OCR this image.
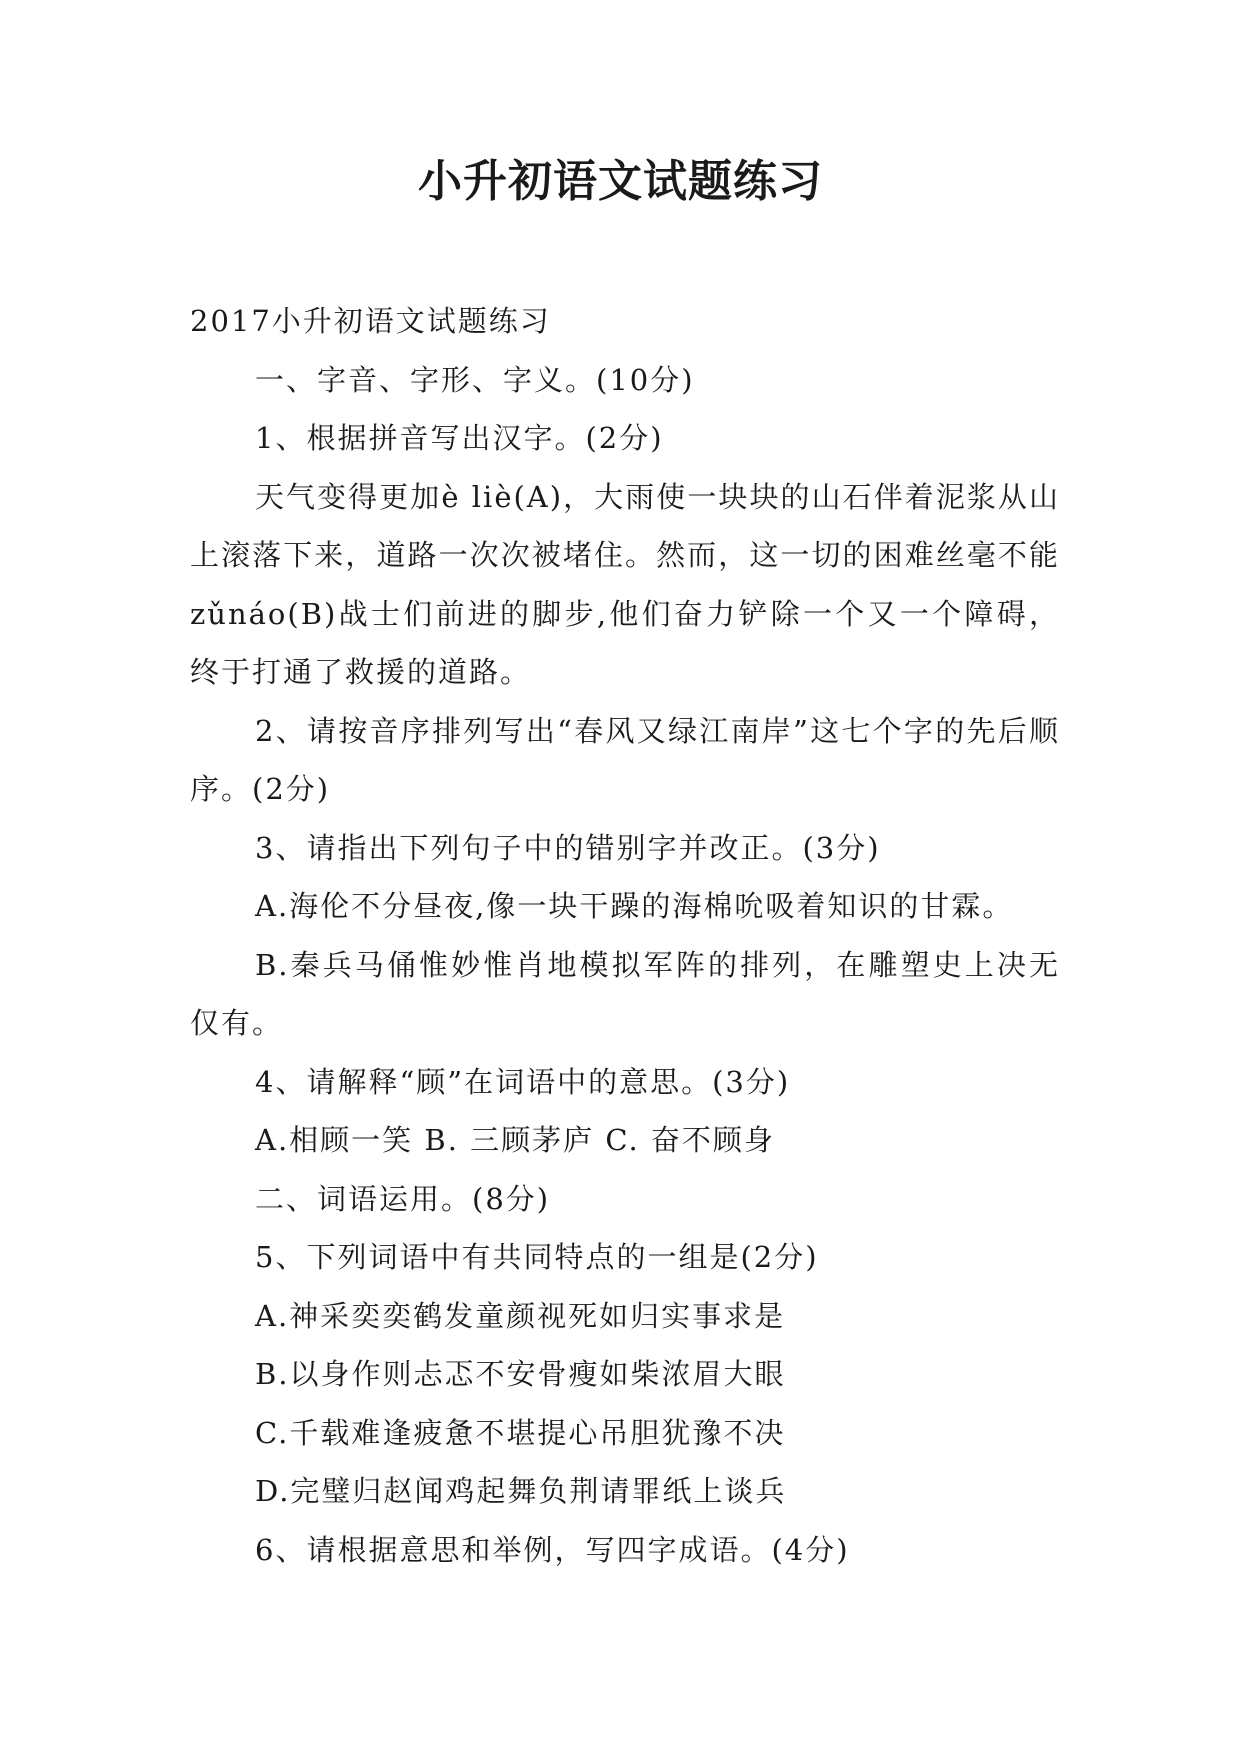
小升初语文试题练习

2017小升初语文试题练习

一、字音、字形、字义。(10分)

1、根据拼音写出汉字。(2分)

天气变得更加è liè(A)，大雨使一块块的山石伴着泥浆从山上滚落下来，道路一次次被堵住。然而，这一切的困难丝毫不能zǔnáo(B)战士们前进的脚步,他们奋力铲除一个又一个障碍，终于打通了救援的道路。

2、请按音序排列写出“春风又绿江南岸”这七个字的先后顺序。(2分)

3、请指出下列句子中的错别字并改正。(3分)

A.海伦不分昼夜,像一块干躁的海棉吮吸着知识的甘霖。

B.秦兵马俑惟妙惟肖地模拟军阵的排列，在雕塑史上决无仅有。

4、请解释“顾”在词语中的意思。(3分)

A.相顾一笑 B. 三顾茅庐 C. 奋不顾身

二、词语运用。(8分)

5、下列词语中有共同特点的一组是(2分)

A.神采奕奕鹤发童颜视死如归实事求是

B.以身作则忐忑不安骨瘦如柴浓眉大眼

C.千载难逢疲惫不堪提心吊胆犹豫不决

D.完璧归赵闻鸡起舞负荆请罪纸上谈兵

6、请根据意思和举例，写四字成语。(4分)
